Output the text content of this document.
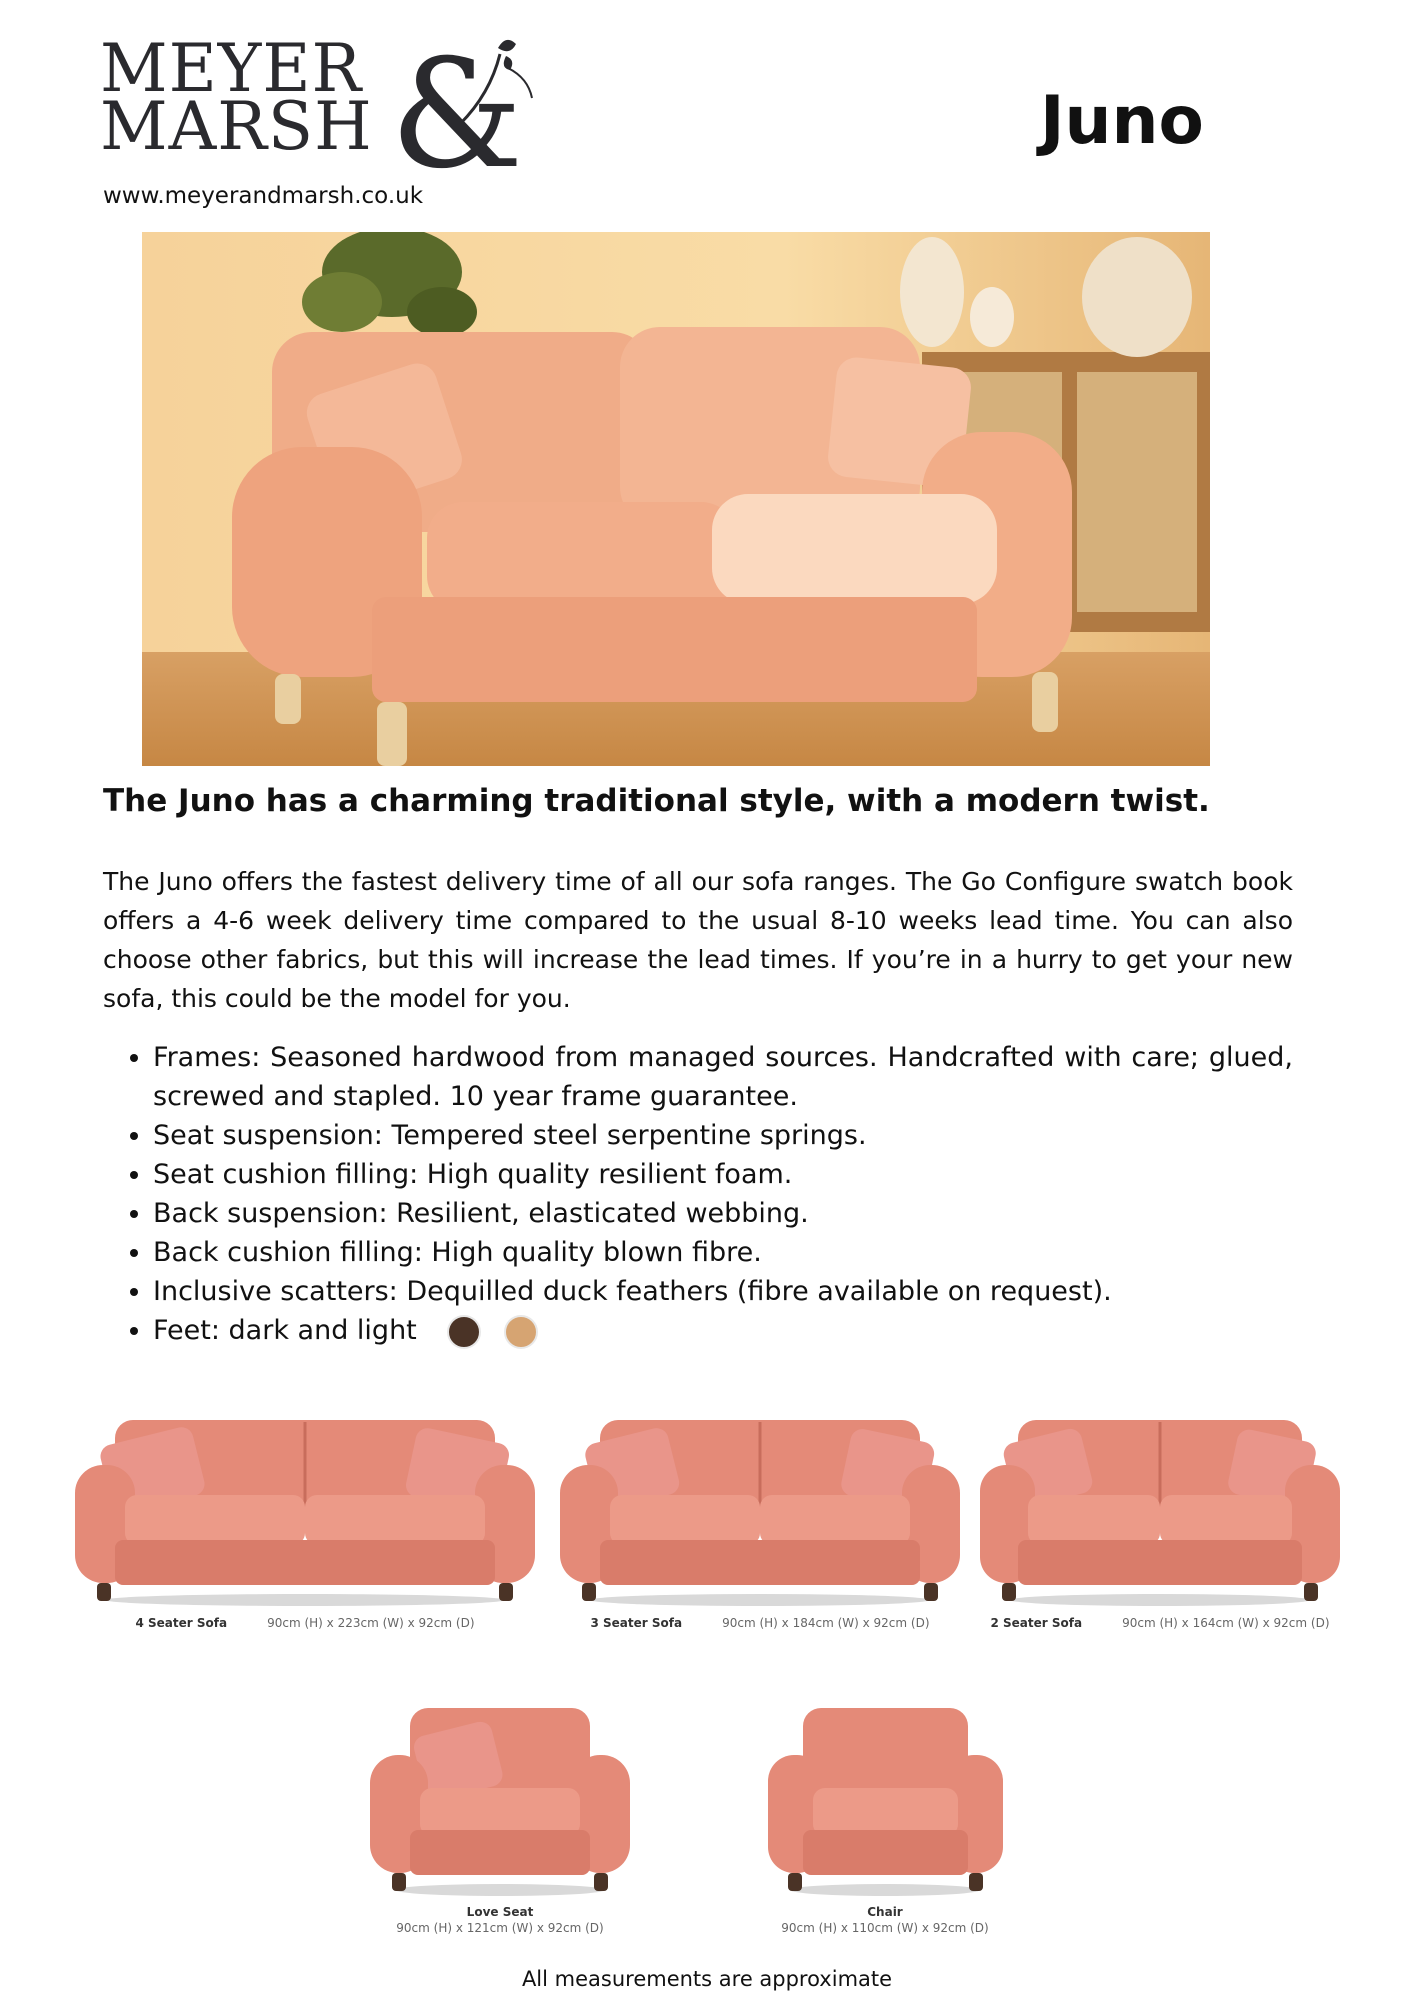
MEYER
MARSH &
www.meyerandmarsh.co.uk
Juno
The Juno has a charming traditional style, with a modern twist.
The Juno offers the fastest delivery time of all our sofa ranges. The Go Configure swatch book offers a 4-6 week delivery time compared to the usual 8-10 weeks lead time. You can also choose other fabrics, but this will increase the lead times. If you’re in a hurry to get your new sofa, this could be the model for you.
• Frames: Seasoned hardwood from managed sources. Handcrafted with care; glued, screwed and stapled. 10 year frame guarantee.
• Seat suspension: Tempered steel serpentine springs.
• Seat cushion filling: High quality resilient foam.
• Back suspension: Resilient, elasticated webbing.
• Back cushion filling: High quality blown fibre.
• Inclusive scatters: Dequilled duck feathers (fibre available on request).
• Feet: dark and light
4 Seater Sofa	90cm (H) x 223cm (W) x 92cm (D)	3 Seater Sofa	90cm (H) x 184cm (W) x 92cm (D)	2 Seater Sofa	90cm (H) x 164cm (W) x 92cm (D)
Love Seat
90cm (H) x 121cm (W) x 92cm (D)
Chair
90cm (H) x 110cm (W) x 92cm (D)
All measurements are approximate
